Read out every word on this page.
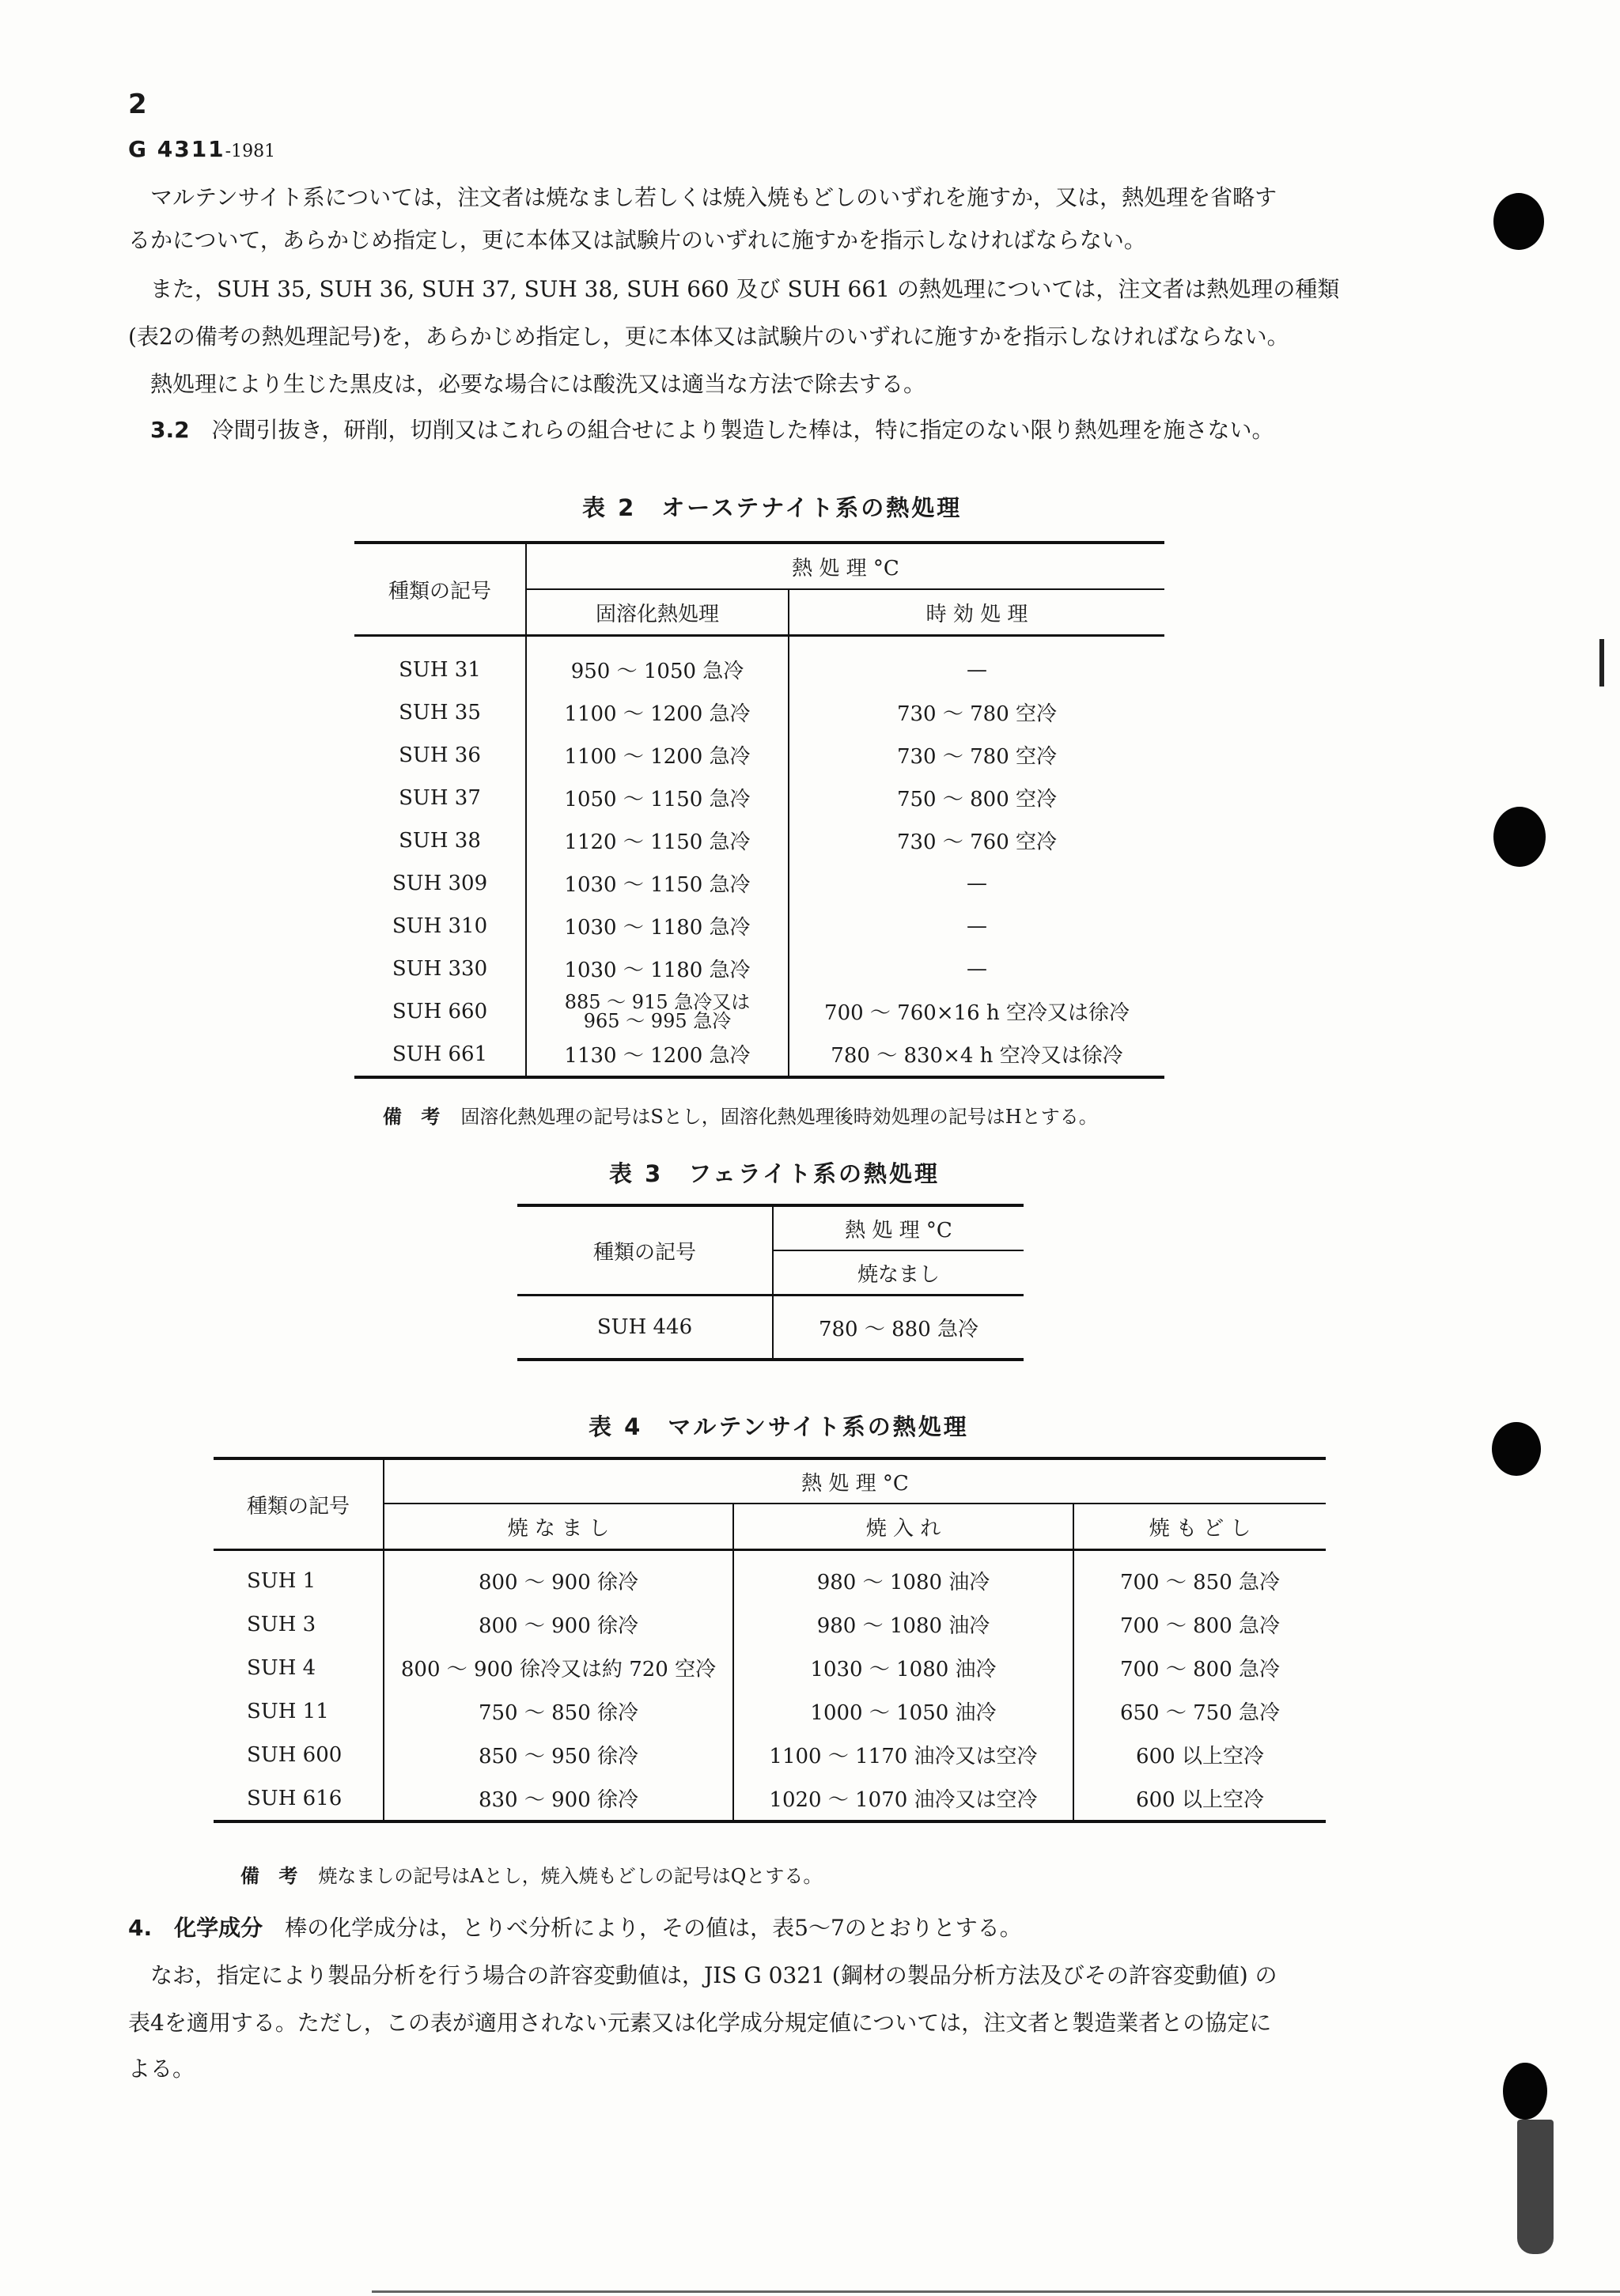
2
G 4311-1981
マルテンサイト系については，注文者は焼なまし若しくは焼入焼もどしのいずれを施すか，又は，熱処理を省略す
るかについて，あらかじめ指定し，更に本体又は試験片のいずれに施すかを指示しなければならない。
また，SUH 35, SUH 36, SUH 37, SUH 38, SUH 660 及び SUH 661 の熱処理については，注文者は熱処理の種類
(表2の備考の熱処理記号)を，あらかじめ指定し，更に本体又は試験片のいずれに施すかを指示しなければならない。
熱処理により生じた黒皮は，必要な場合には酸洗又は適当な方法で除去する。
3.2　 冷間引抜き，研削，切削又はこれらの組合せにより製造した棒は，特に指定のない限り熱処理を施さない。
表 2　オーステナイト系の熱処理
種類の記号	熱 処 理 °C	
	固溶化熱処理	時 効 処 理

SUH 31	950 ～ 1050 急冷	—
SUH 35	1100 ～ 1200 急冷	730 ～ 780 空冷
SUH 36	1100 ～ 1200 急冷	730 ～ 780 空冷
SUH 37	1050 ～ 1150 急冷	750 ～ 800 空冷
SUH 38	1120 ～ 1150 急冷	730 ～ 760 空冷
SUH 309	1030 ～ 1150 急冷	—
SUH 310	1030 ～ 1180 急冷	—
SUH 330	1030 ～ 1180 急冷	—
SUH 660	885 ～ 915 急冷又は
965 ～ 995 急冷	700 ～ 760×16 h 空冷又は徐冷
SUH 661	1130 ～ 1200 急冷	780 ～ 830×4 h 空冷又は徐冷
備 考 固溶化熱処理の記号はSとし，固溶化熱処理後時効処理の記号はHとする。
表 3　フェライト系の熱処理
種類の記号	熱 処 理 °C
	焼なまし
SUH 446	780 ～ 880 急冷
表 4　マルテンサイト系の熱処理
種類の記号	熱 処 理 °C		
	焼 な ま し	焼 入 れ	焼 も ど し

SUH 1	800 ～ 900 徐冷	980 ～ 1080 油冷	700 ～ 850 急冷
SUH 3	800 ～ 900 徐冷	980 ～ 1080 油冷	700 ～ 800 急冷
SUH 4	800 ～ 900 徐冷又は約 720 空冷	1030 ～ 1080 油冷	700 ～ 800 急冷
SUH 11	750 ～ 850 徐冷	1000 ～ 1050 油冷	650 ～ 750 急冷
SUH 600	850 ～ 950 徐冷	1100 ～ 1170 油冷又は空冷	600 以上空冷
SUH 616	830 ～ 900 徐冷	1020 ～ 1070 油冷又は空冷	600 以上空冷
備 考 焼なましの記号はAとし，焼入焼もどしの記号はQとする。
4.　 化学成分　 棒の化学成分は，とりべ分析により，その値は，表5～7のとおりとする。
なお，指定により製品分析を行う場合の許容変動値は，JIS G 0321 (鋼材の製品分析方法及びその許容変動値) の
表4を適用する。ただし，この表が適用されない元素又は化学成分規定値については，注文者と製造業者との協定に
よる。
